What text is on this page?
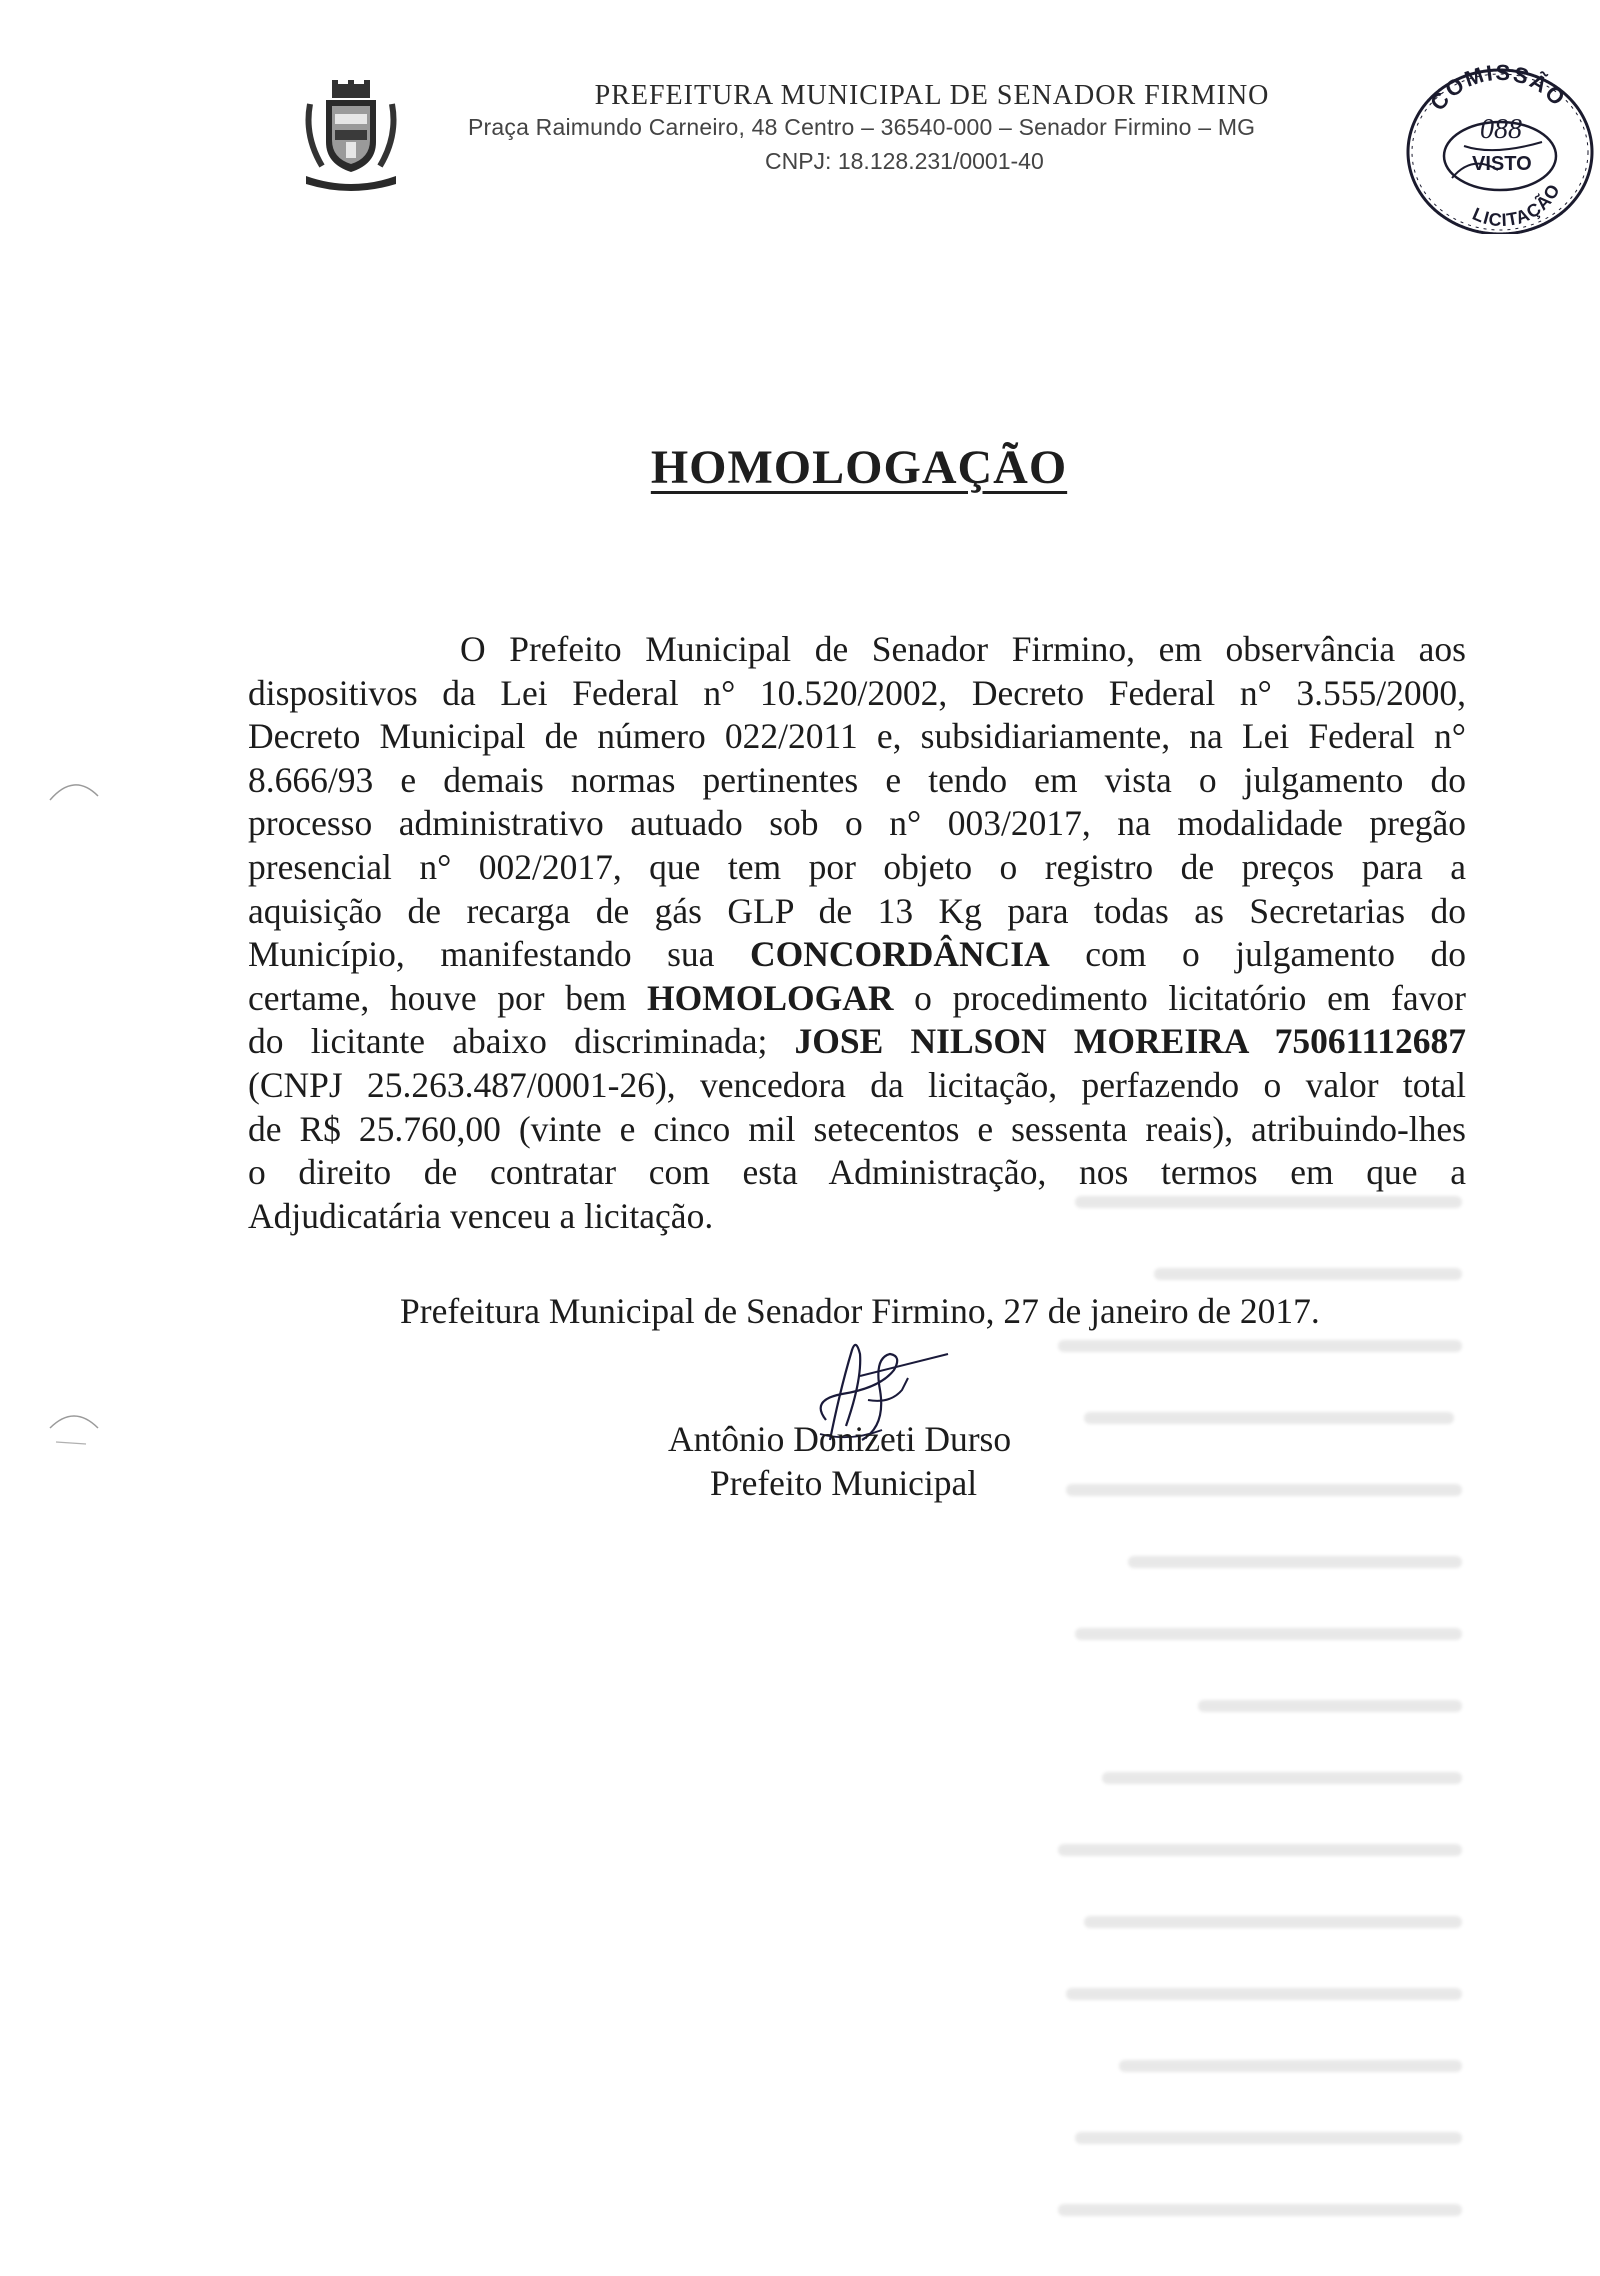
PREFEITURA MUNICIPAL DE SENADOR FIRMINO
Praça Raimundo Carneiro, 48 Centro – 36540-000 – Senador Firmino – MG
CNPJ: 18.128.231/0001-40
COMISSÃO
LICITAÇÃO
088
VISTO
HOMOLOGAÇÃO
O Prefeito Municipal de Senador Firmino, em observância aos
dispositivos da Lei Federal n° 10.520/2002, Decreto Federal n° 3.555/2000,
Decreto Municipal de número 022/2011 e, subsidiariamente, na Lei Federal n°
8.666/93 e demais normas pertinentes e tendo em vista o julgamento do
processo administrativo autuado sob o n° 003/2017, na modalidade pregão
presencial n° 002/2017, que tem por objeto o registro de preços para a
aquisição de recarga de gás GLP de 13 Kg para todas as Secretarias do
Município, manifestando sua CONCORDÂNCIA com o julgamento do
certame, houve por bem HOMOLOGAR o procedimento licitatório em favor
do licitante abaixo discriminada; JOSE NILSON MOREIRA 75061112687
(CNPJ 25.263.487/0001-26), vencedora da licitação, perfazendo o valor total
de R$ 25.760,00 (vinte e cinco mil setecentos e sessenta reais), atribuindo-lhes
o direito de contratar com esta Administração, nos termos em que a
Adjudicatária venceu a licitação.
Prefeitura Municipal de Senador Firmino, 27 de janeiro de 2017.
Antônio Donizeti Durso
Prefeito Municipal
